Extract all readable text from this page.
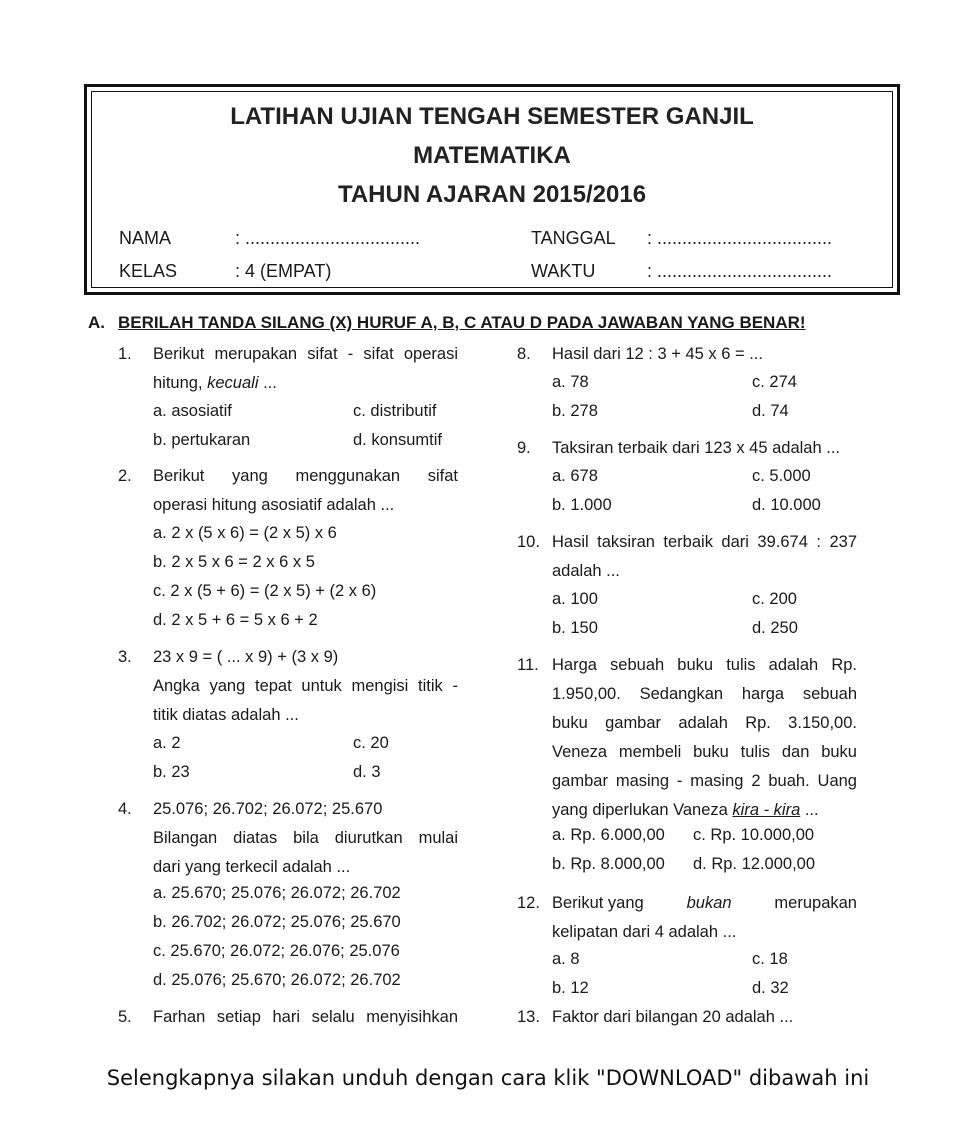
LATIHAN UJIAN TENGAH SEMESTER GANJIL
MATEMATIKA
TAHUN AJARAN 2015/2016
NAMA	: ...................................	TANGGAL : ...................................
KELAS	: 4 (EMPAT)	WAKTU	: ...................................
A. BERILAH TANDA SILANG (X) HURUF A, B, C ATAU D PADA JAWABAN YANG BENAR!
1. Berikut merupakan sifat - sifat operasi
hitung, kecuali ...
a. asosiatif	c. distributif
b. pertukaran	d. konsumtif
2. Berikut yang menggunakan sifat
operasi hitung asosiatif adalah ...
a. 2 x (5 x 6) = (2 x 5) x 6
b. 2 x 5 x 6 = 2 x 6 x 5
c. 2 x (5 + 6) = (2 x 5) + (2 x 6)
d. 2 x 5 + 6 = 5 x 6 + 2
3. 23 x 9 = ( ... x 9) + (3 x 9)
Angka yang tepat untuk mengisi titik -
titik diatas adalah ...
a. 2	c. 20
b. 23	d. 3
4. 25.076; 26.702; 26.072; 25.670
Bilangan diatas bila diurutkan mulai
dari yang terkecil adalah ...
a. 25.670; 25.076; 26.072; 26.702
b. 26.702; 26.072; 25.076; 25.670
c. 25.670; 26.072; 26.076; 25.076
d. 25.076; 25.670; 26.072; 26.702
5. Farhan setiap hari selalu menyisihkan
8. Hasil dari 12 : 3 + 45 x 6 = ...
a. 78	c. 274
b. 278	d. 74
9. Taksiran terbaik dari 123 x 45 adalah ...
a. 678	c. 5.000
b. 1.000	d. 10.000
10. Hasil taksiran terbaik dari 39.674 : 237
adalah ...
a. 100	c. 200
b. 150	d. 250
11. Harga sebuah buku tulis adalah Rp.
1.950,00. Sedangkan harga sebuah
buku gambar adalah Rp. 3.150,00.
Veneza membeli buku tulis dan buku
gambar masing - masing 2 buah. Uang
yang diperlukan Vaneza kira - kira ...
a. Rp. 6.000,00 c. Rp. 10.000,00
b. Rp. 8.000,00 d. Rp. 12.000,00
12. Berikut yang bukan merupakan
kelipatan dari 4 adalah ...
a. 8	c. 18
b. 12	d. 32
13. Faktor dari bilangan 20 adalah ...
Selengkapnya silakan unduh dengan cara klik "DOWNLOAD" dibawah ini
